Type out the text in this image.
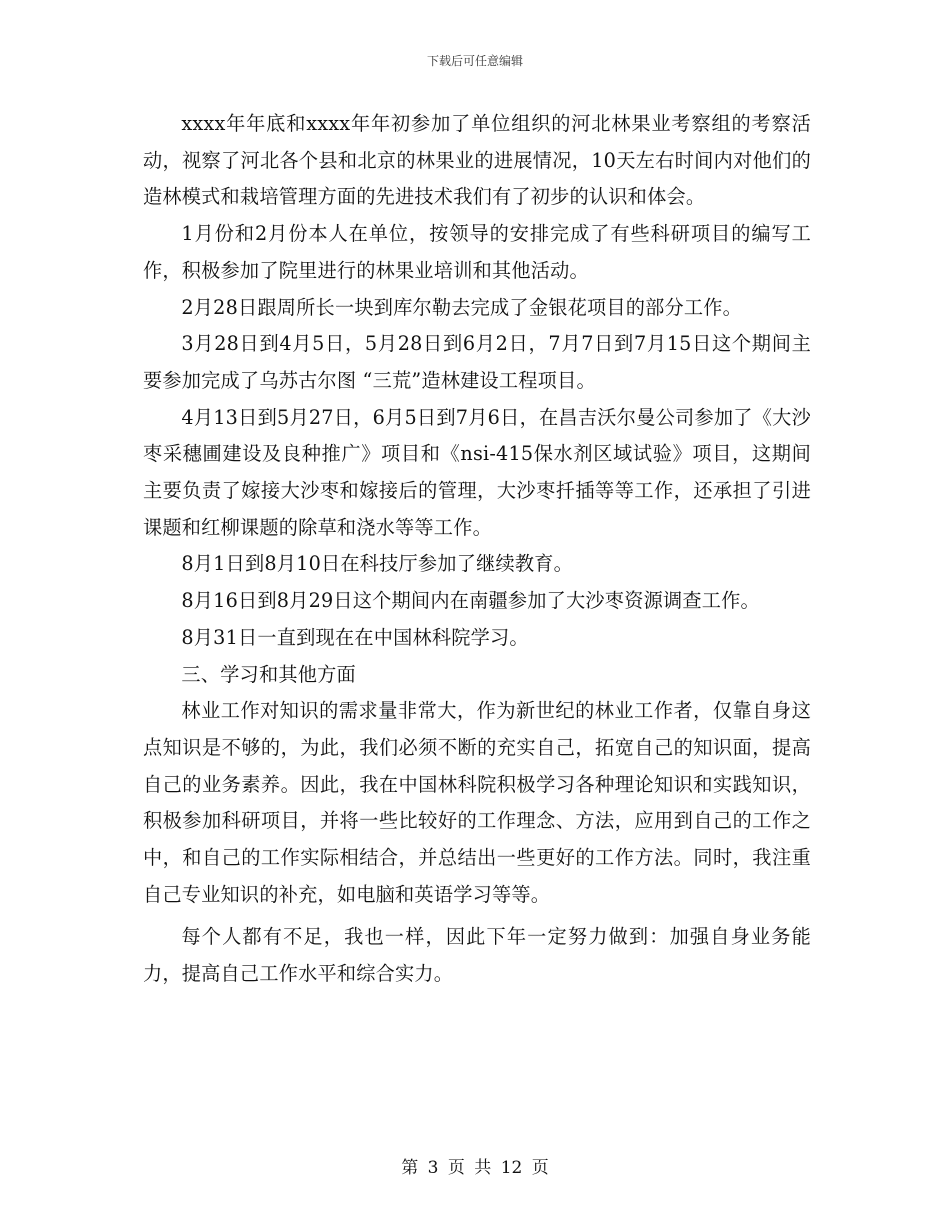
下载后可任意编辑

xxxx年年底和xxxx年年初参加了单位组织的河北林果业考察组的考察活动，视察了河北各个县和北京的林果业的进展情况，10天左右时间内对他们的造林模式和栽培管理方面的先进技术我们有了初步的认识和体会。

1月份和2月份本人在单位，按领导的安排完成了有些科研项目的编写工作，积极参加了院里进行的林果业培训和其他活动。

2月28日跟周所长一块到库尔勒去完成了金银花项目的部分工作。

3月28日到4月5日，5月28日到6月2日，7月7日到7月15日这个期间主要参加完成了乌苏古尔图 “三荒”造林建设工程项目。

4月13日到5月27日，6月5日到7月6日，在昌吉沃尔曼公司参加了《大沙枣采穗圃建设及良种推广》项目和《nsi-415保水剂区域试验》项目，这期间主要负责了嫁接大沙枣和嫁接后的管理，大沙枣扦插等等工作，还承担了引进课题和红柳课题的除草和浇水等等工作。

8月1日到8月10日在科技厅参加了继续教育。

8月16日到8月29日这个期间内在南疆参加了大沙枣资源调查工作。

8月31日一直到现在在中国林科院学习。

三、学习和其他方面

林业工作对知识的需求量非常大，作为新世纪的林业工作者，仅靠自身这点知识是不够的，为此，我们必须不断的充实自己，拓宽自己的知识面，提高自己的业务素养。因此，我在中国林科院积极学习各种理论知识和实践知识，积极参加科研项目，并将一些比较好的工作理念、方法，应用到自己的工作之中，和自己的工作实际相结合，并总结出一些更好的工作方法。同时，我注重自己专业知识的补充，如电脑和英语学习等等。

每个人都有不足，我也一样，因此下年一定努力做到：加强自身业务能力，提高自己工作水平和综合实力。

第 3 页 共 12 页
